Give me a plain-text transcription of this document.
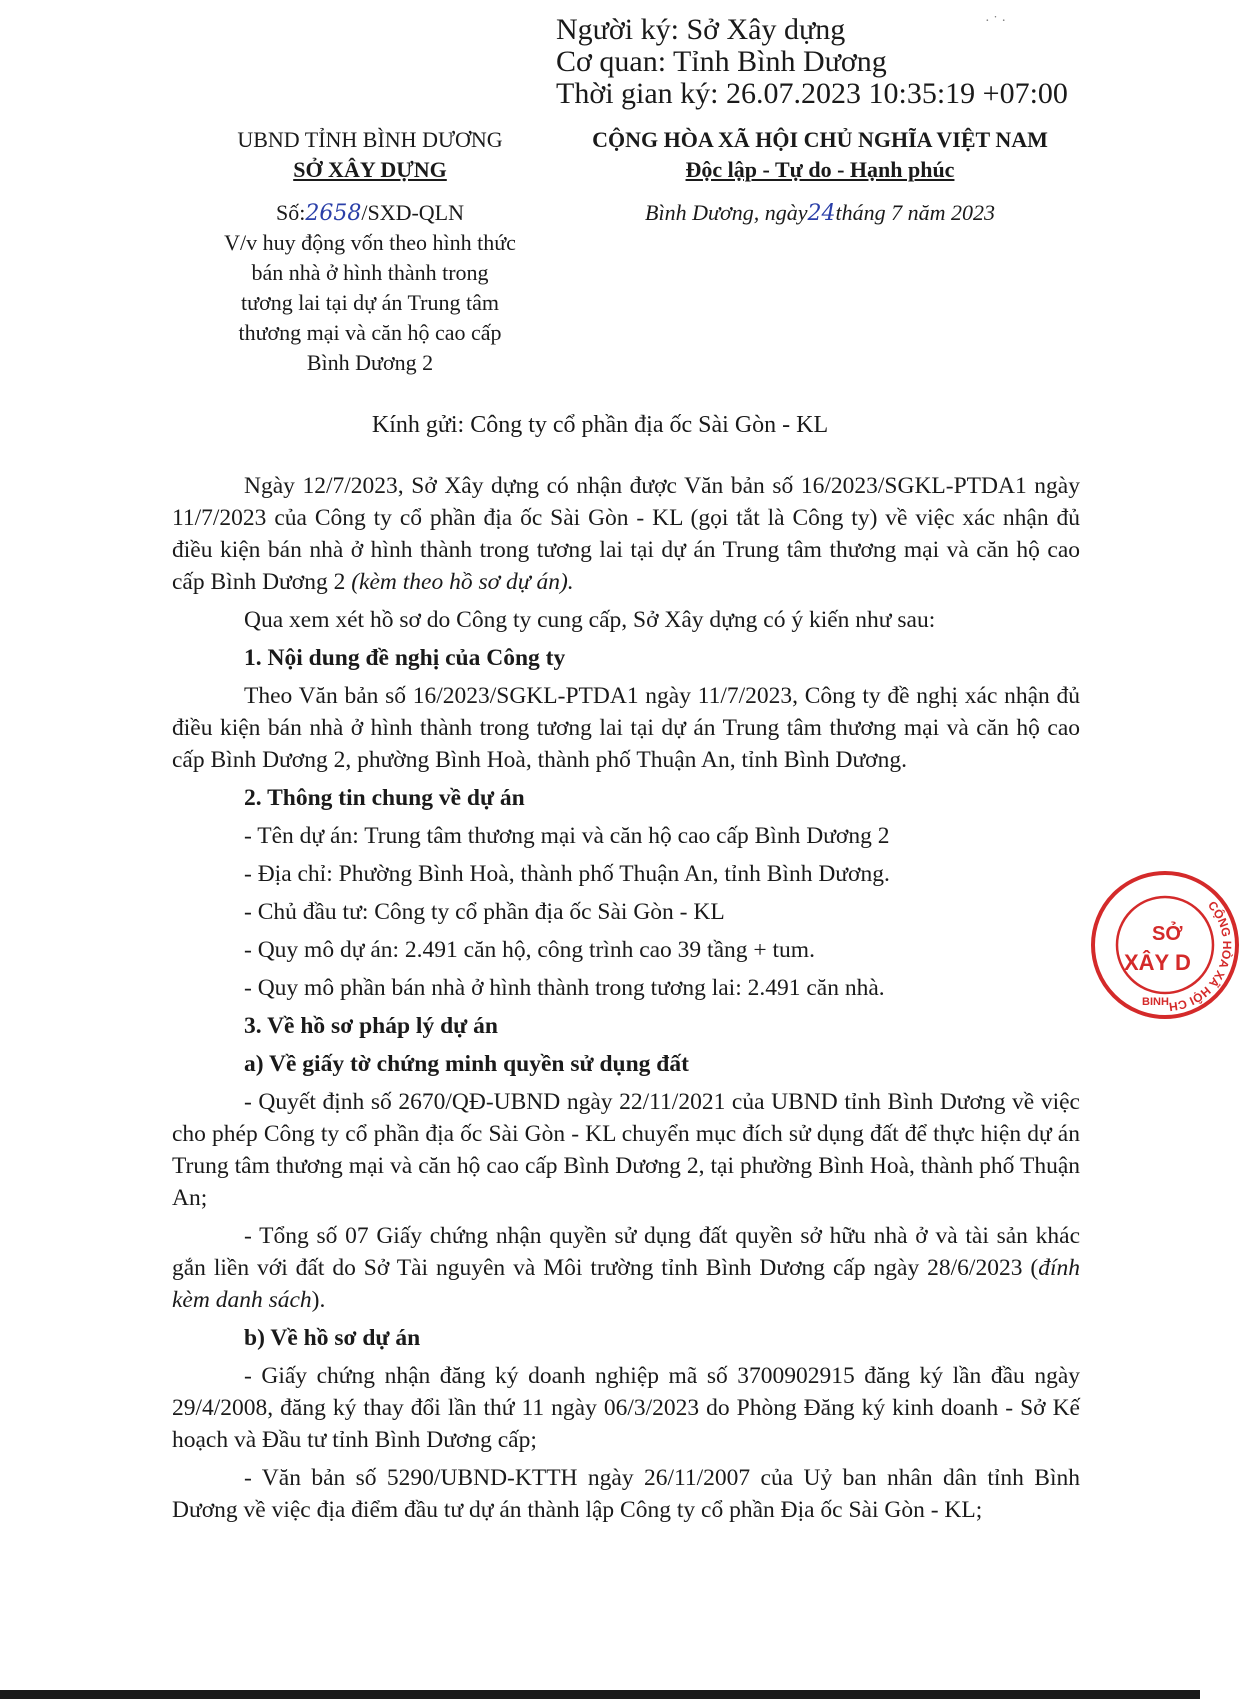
Người ký: Sở Xây dựng
Cơ quan: Tỉnh Bình Dương
Thời gian ký: 26.07.2023 10:35:19 +07:00
· ˙ ·
UBND TỈNH BÌNH DƯƠNG
SỞ XÂY DỰNG
Số:2658/SXD-QLN
V/v huy động vốn theo hình thức
bán nhà ở hình thành trong
tương lai tại dự án Trung tâm
thương mại và căn hộ cao cấp
Bình Dương 2
CỘNG HÒA XÃ HỘI CHỦ NGHĨA VIỆT NAM
Độc lập - Tự do - Hạnh phúc
Bình Dương, ngày24tháng 7 năm 2023
Kính gửi: Công ty cổ phần địa ốc Sài Gòn - KL

Ngày 12/7/2023, Sở Xây dựng có nhận được Văn bản số 16/2023/SGKL-PTDA1 ngày 11/7/2023 của Công ty cổ phần địa ốc Sài Gòn - KL (gọi tắt là Công ty) về việc xác nhận đủ điều kiện bán nhà ở hình thành trong tương lai tại dự án Trung tâm thương mại và căn hộ cao cấp Bình Dương 2 (kèm theo hồ sơ dự án).

Qua xem xét hồ sơ do Công ty cung cấp, Sở Xây dựng có ý kiến như sau:

1. Nội dung đề nghị của Công ty

Theo Văn bản số 16/2023/SGKL-PTDA1 ngày 11/7/2023, Công ty đề nghị xác nhận đủ điều kiện bán nhà ở hình thành trong tương lai tại dự án Trung tâm thương mại và căn hộ cao cấp Bình Dương 2, phường Bình Hoà, thành phố Thuận An, tỉnh Bình Dương.

2. Thông tin chung về dự án
- Tên dự án: Trung tâm thương mại và căn hộ cao cấp Bình Dương 2
- Địa chỉ: Phường Bình Hoà, thành phố Thuận An, tỉnh Bình Dương.
- Chủ đầu tư: Công ty cổ phần địa ốc Sài Gòn - KL
- Quy mô dự án: 2.491 căn hộ, công trình cao 39 tầng + tum.
- Quy mô phần bán nhà ở hình thành trong tương lai: 2.491 căn nhà.
3. Về hồ sơ pháp lý dự án
a) Về giấy tờ chứng minh quyền sử dụng đất

- Quyết định số 2670/QĐ-UBND ngày 22/11/2021 của UBND tỉnh Bình Dương về việc cho phép Công ty cổ phần địa ốc Sài Gòn - KL chuyển mục đích sử dụng đất để thực hiện dự án Trung tâm thương mại và căn hộ cao cấp Bình Dương 2, tại phường Bình Hoà, thành phố Thuận An;

- Tổng số 07 Giấy chứng nhận quyền sử dụng đất quyền sở hữu nhà ở và tài sản khác gắn liền với đất do Sở Tài nguyên và Môi trường tỉnh Bình Dương cấp ngày 28/6/2023 (đính kèm danh sách).

b) Về hồ sơ dự án

- Giấy chứng nhận đăng ký doanh nghiệp mã số 3700902915 đăng ký lần đầu ngày 29/4/2008, đăng ký thay đổi lần thứ 11 ngày 06/3/2023 do Phòng Đăng ký kinh doanh - Sở Kế hoạch và Đầu tư tỉnh Bình Dương cấp;

- Văn bản số 5290/UBND-KTTH ngày 26/11/2007 của Uỷ ban nhân dân tỉnh Bình Dương về việc địa điểm đầu tư dự án thành lập Công ty cổ phần Địa ốc Sài Gòn - KL;

CỘNG HÒA XÃ HỘI CH
SỞ
XÂY D
BINH
